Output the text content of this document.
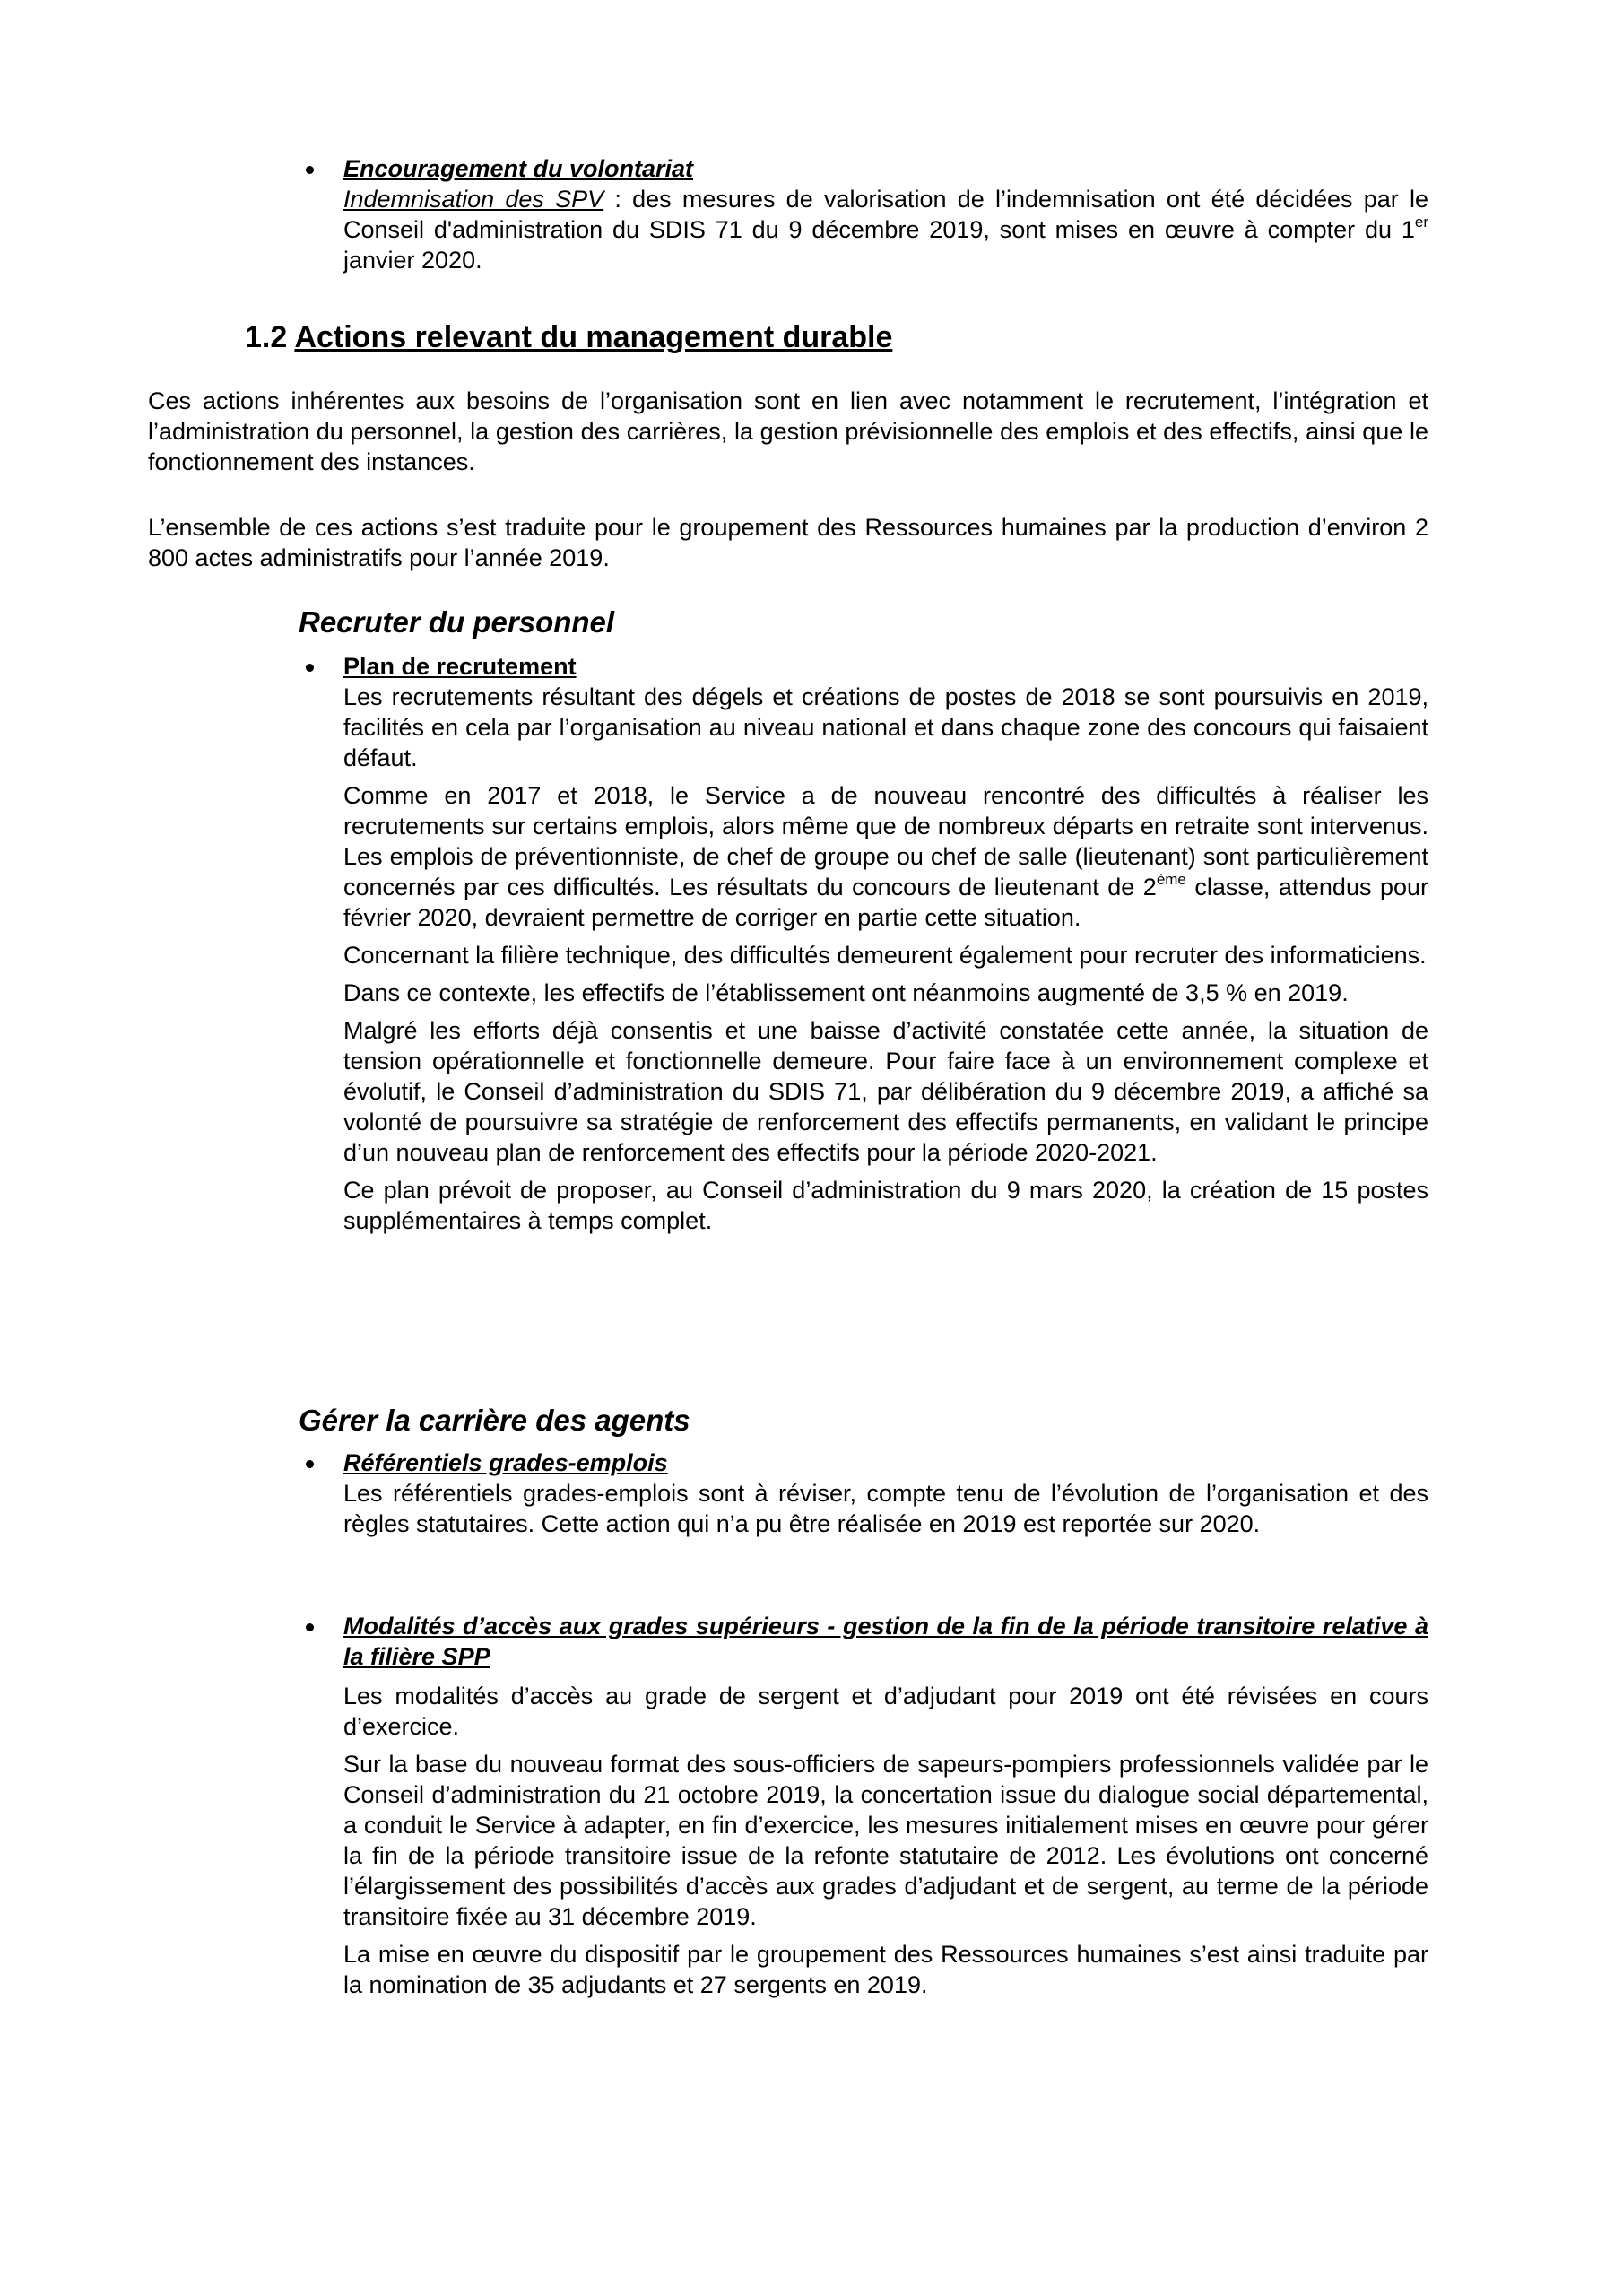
Encouragement du volontariat

Indemnisation des SPV : des mesures de valorisation de l’indemnisation ont été décidées par le Conseil d'administration du SDIS 71 du 9 décembre 2019, sont mises en œuvre à compter du 1er janvier 2020.

1.2 Actions relevant du management durable

Ces actions inhérentes aux besoins de l’organisation sont en lien avec notamment le recrutement, l’intégration et l’administration du personnel, la gestion des carrières, la gestion prévisionnelle des emplois et des effectifs, ainsi que le fonctionnement des instances.

L’ensemble de ces actions s’est traduite pour le groupement des Ressources humaines par la production d’environ 2 800 actes administratifs pour l’année 2019.

Recruter du personnel

Plan de recrutement

Les recrutements résultant des dégels et créations de postes de 2018 se sont poursuivis en 2019, facilités en cela par l’organisation au niveau national et dans chaque zone des concours qui faisaient défaut.

Comme en 2017 et 2018, le Service a de nouveau rencontré des difficultés à réaliser les recrutements sur certains emplois, alors même que de nombreux départs en retraite sont intervenus. Les emplois de préventionniste, de chef de groupe ou chef de salle (lieutenant) sont particulièrement concernés par ces difficultés. Les résultats du concours de lieutenant de 2ème classe, attendus pour février 2020, devraient permettre de corriger en partie cette situation.

Concernant la filière technique, des difficultés demeurent également pour recruter des informaticiens.

Dans ce contexte, les effectifs de l’établissement ont néanmoins augmenté de 3,5 % en 2019.

Malgré les efforts déjà consentis et une baisse d’activité constatée cette année, la situation de tension opérationnelle et fonctionnelle demeure. Pour faire face à un environnement complexe et évolutif, le Conseil d’administration du SDIS 71, par délibération du 9 décembre 2019, a affiché sa volonté de poursuivre sa stratégie de renforcement des effectifs permanents, en validant le principe d’un nouveau plan de renforcement des effectifs pour la période 2020-2021.

Ce plan prévoit de proposer, au Conseil d’administration du 9 mars 2020, la création de 15 postes supplémentaires à temps complet.

Gérer la carrière des agents

Référentiels grades-emplois

Les référentiels grades-emplois sont à réviser, compte tenu de l’évolution de l’organisation et des règles statutaires. Cette action qui n’a pu être réalisée en 2019 est reportée sur 2020.

Modalités d’accès aux grades supérieurs - gestion de la fin de la période transitoire relative à la filière SPP

Les modalités d’accès au grade de sergent et d’adjudant pour 2019 ont été révisées en cours d’exercice.

Sur la base du nouveau format des sous-officiers de sapeurs-pompiers professionnels validée par le Conseil d’administration du 21 octobre 2019, la concertation issue du dialogue social départemental, a conduit le Service à adapter, en fin d’exercice, les mesures initialement mises en œuvre pour gérer la fin de la période transitoire issue de la refonte statutaire de 2012. Les évolutions ont concerné l’élargissement des possibilités d’accès aux grades d’adjudant et de sergent, au terme de la période transitoire fixée au 31 décembre 2019.

La mise en œuvre du dispositif par le groupement des Ressources humaines s’est ainsi traduite par la nomination de 35 adjudants et 27 sergents en 2019.
